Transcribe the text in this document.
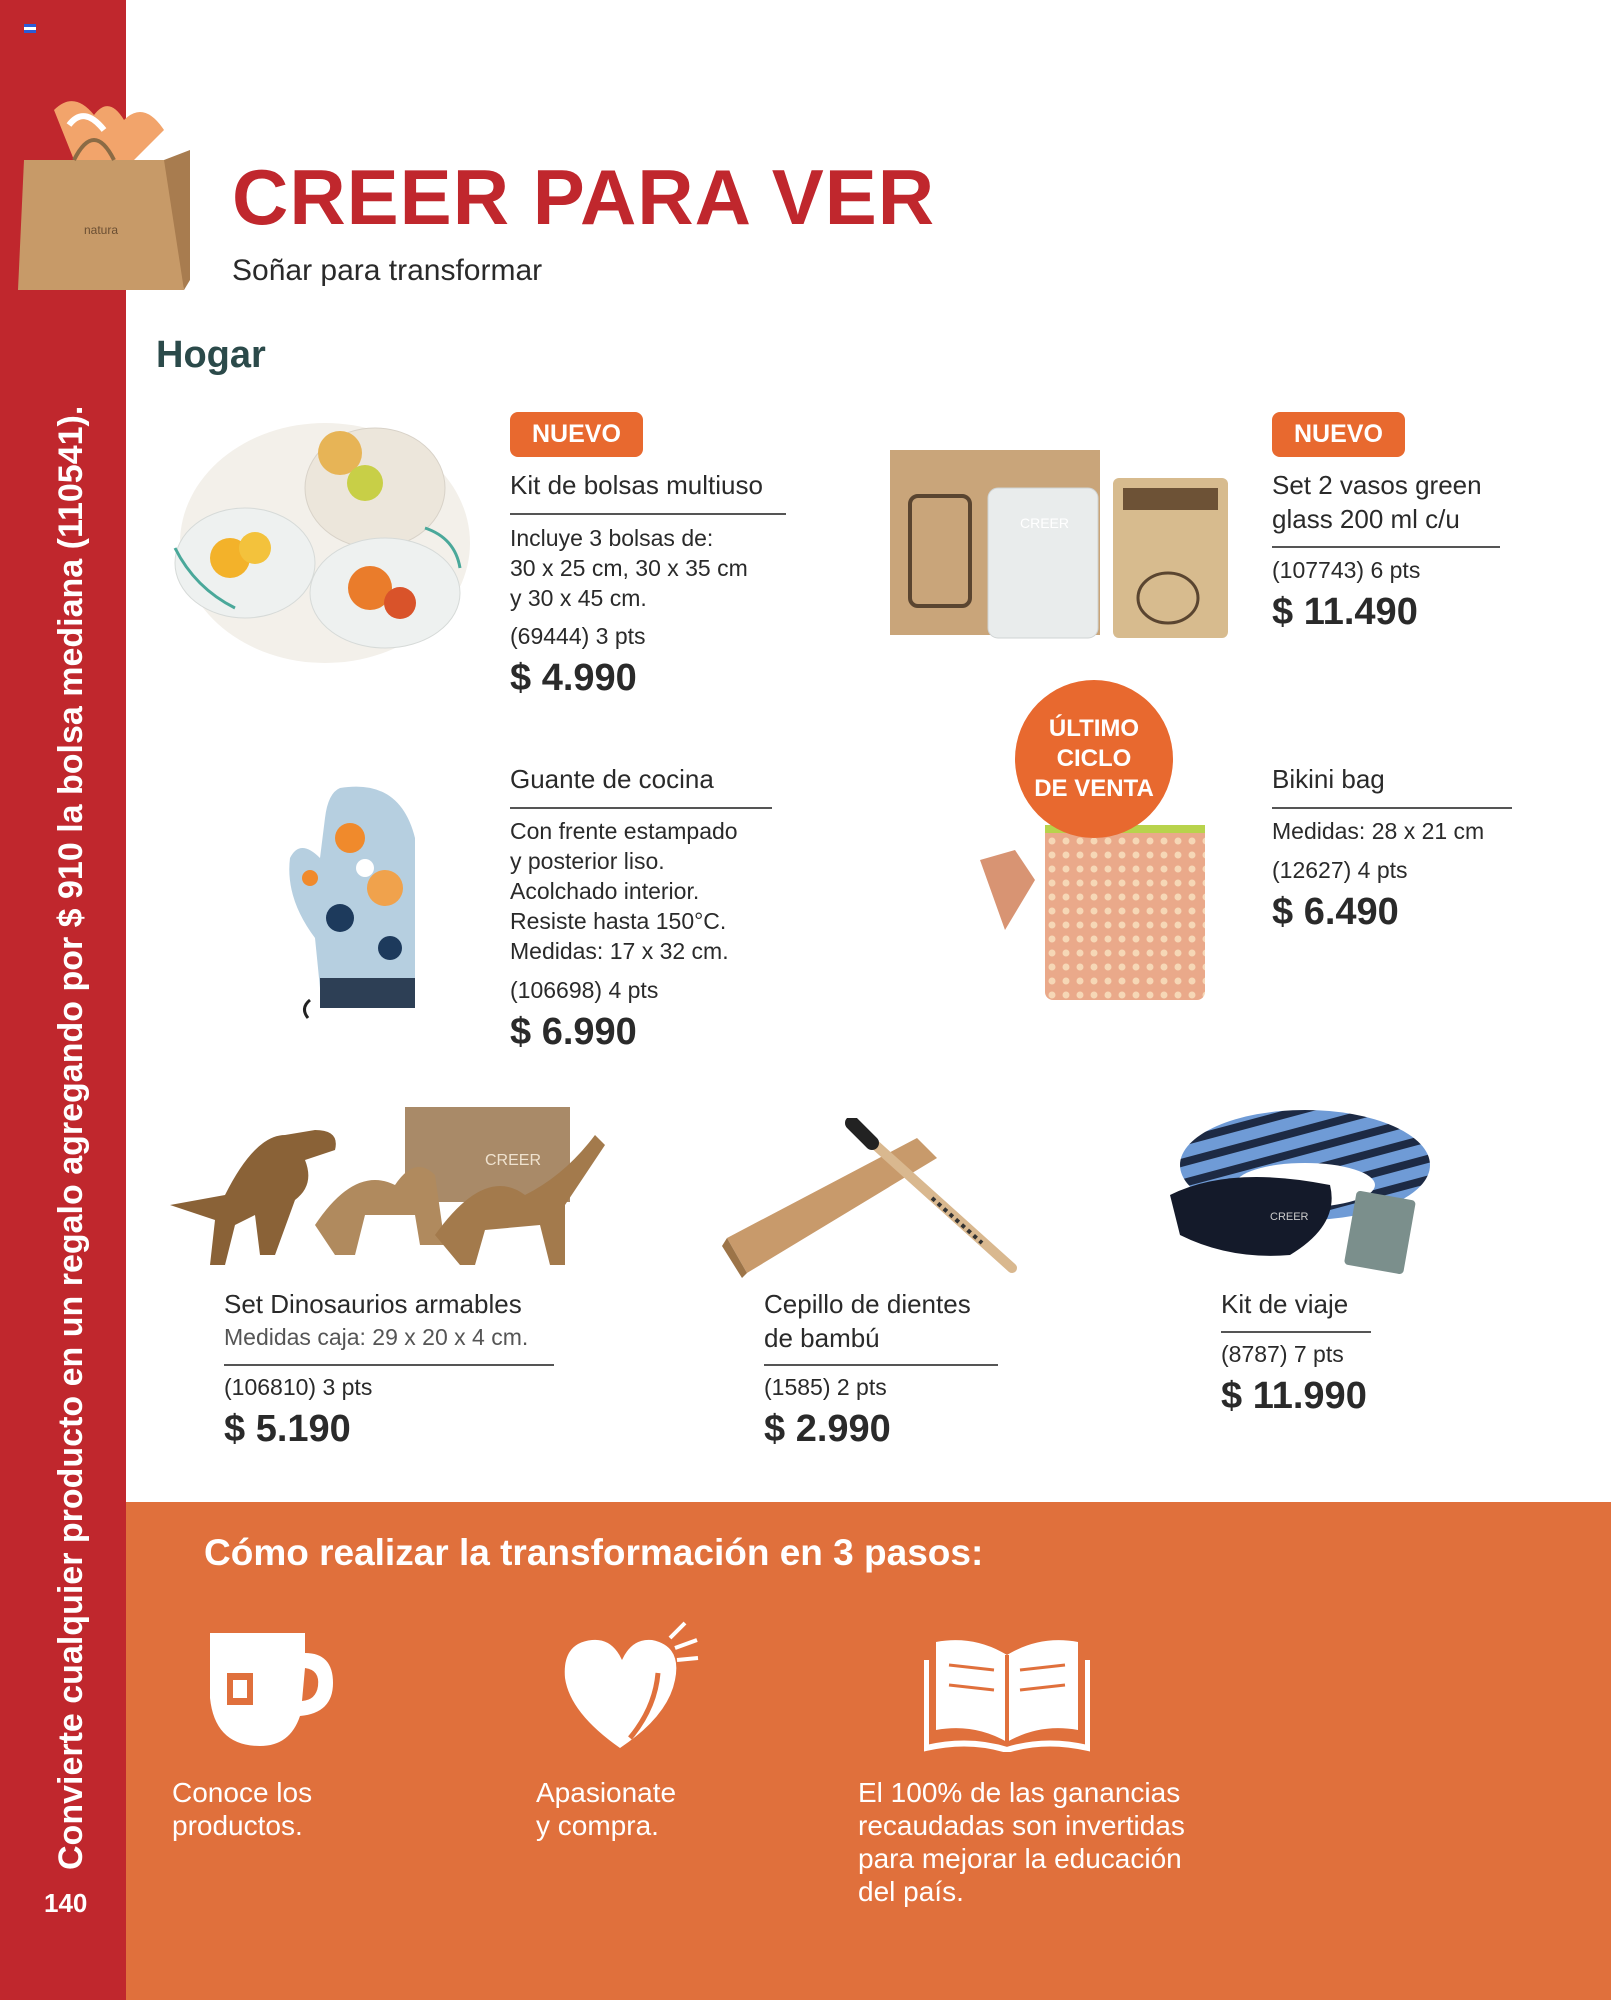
Convierte cualquier producto en un regalo agregando por $ 910 la bolsa mediana (110541).
140
natura CREER PARA VER
Soñar para transformar
Hogar
NUEVO
Kit de bolsas multiuso
Incluye 3 bolsas de:
30 x 25 cm, 30 x 35 cm
y 30 x 45 cm.
(69444) 3 pts
$ 4.990
CREER
NUEVO
Set 2 vasos green
glass 200 ml c/u
(107743) 6 pts
$ 11.490
Guante de cocina
Con frente estampado
y posterior liso.
Acolchado interior.
Resiste hasta 150°C.
Medidas: 17 x 32 cm.
(106698) 4 pts
$ 6.990
ÚLTIMO
CICLO
DE VENTA	Bikini bag
Medidas: 28 x 21 cm
(12627) 4 pts
$ 6.490
CREER
Set Dinosaurios armables
Medidas caja: 29 x 20 x 4 cm.
(106810) 3 pts
$ 5.190
Cepillo de dientes
de bambú
(1585) 2 pts
$ 2.990
CREER
Kit de viaje
(8787) 7 pts
$ 11.990
Cómo realizar la transformación en 3 pasos:
Conoce los
productos.
Apasionate
y compra.
El 100% de las ganancias
recaudadas son invertidas
para mejorar la educación
del país.
